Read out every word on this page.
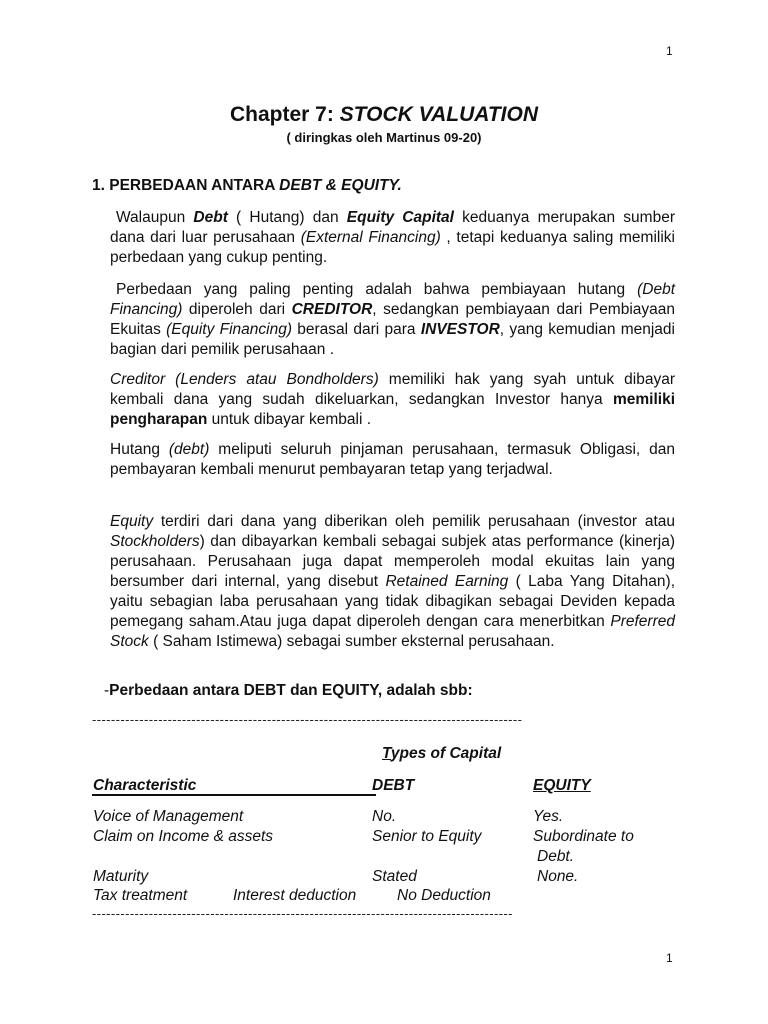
1
Chapter 7: STOCK VALUATION
( diringkas oleh Martinus 09-20)
1. PERBEDAAN ANTARA DEBT & EQUITY.
Walaupun Debt ( Hutang) dan Equity Capital keduanya merupakan sumber dana dari luar perusahaan (External Financing) , tetapi keduanya saling memiliki perbedaan yang cukup penting.
Perbedaan yang paling penting adalah bahwa pembiayaan hutang (Debt Financing) diperoleh dari CREDITOR, sedangkan pembiayaan dari Pembiayaan Ekuitas (Equity Financing) berasal dari para INVESTOR, yang kemudian menjadi bagian dari pemilik perusahaan .
Creditor (Lenders atau Bondholders) memiliki hak yang syah untuk dibayar kembali dana yang sudah dikeluarkan, sedangkan Investor hanya memiliki pengharapan untuk dibayar kembali .
Hutang (debt) meliputi seluruh pinjaman perusahaan, termasuk Obligasi, dan pembayaran kembali menurut pembayaran tetap yang terjadwal.
Equity terdiri dari dana yang diberikan oleh pemilik perusahaan (investor atau Stockholders) dan dibayarkan kembali sebagai subjek atas performance (kinerja) perusahaan. Perusahaan juga dapat memperoleh modal ekuitas lain yang bersumber dari internal, yang disebut Retained Earning ( Laba Yang Ditahan), yaitu sebagian laba perusahaan yang tidak dibagikan sebagai Deviden kepada pemegang saham.Atau juga dapat diperoleh dengan cara menerbitkan Preferred Stock ( Saham Istimewa) sebagai sumber eksternal perusahaan.
-Perbedaan antara DEBT dan EQUITY, adalah sbb:
-------------------------------------------------------------------------------------------
Types of Capital
Characteristic	DEBT	EQUITY
Voice of Management	No.	Yes.
Claim on Income & assets	Senior to Equity	Subordinate to
Debt.
Maturity	Stated	None.
Tax treatment	Interest deduction	No Deduction
-----------------------------------------------------------------------------------------
1
